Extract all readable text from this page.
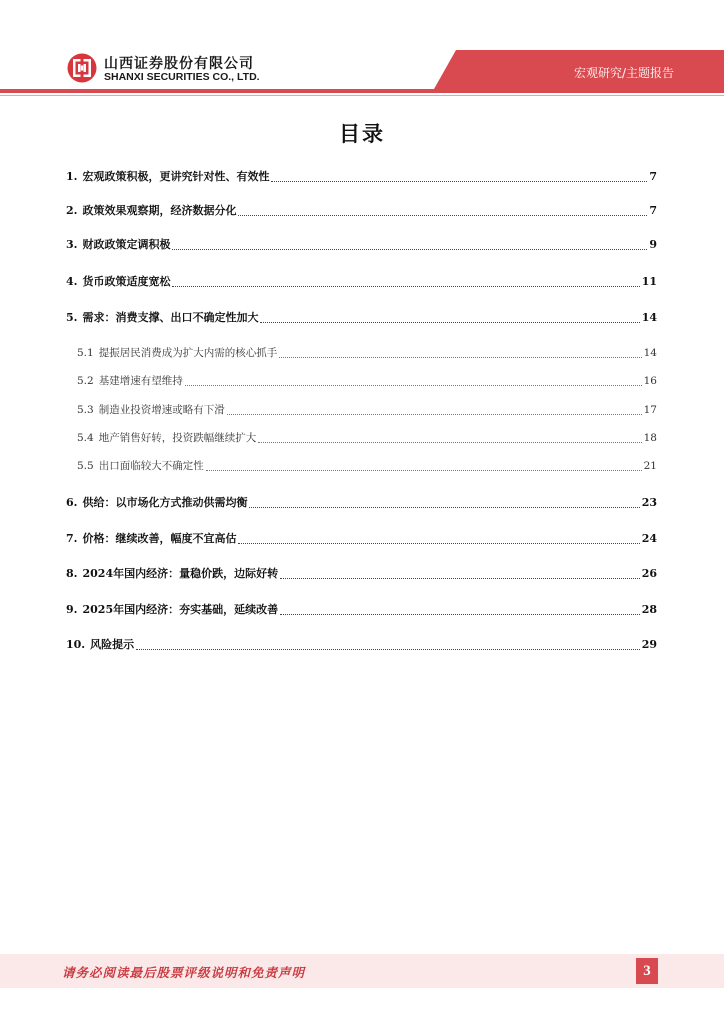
山西证券股份有限公司
SHANXI SECURITIES CO., LTD.	宏观研究/主题报告
目录
1. 宏观政策积极，更讲究针对性、有效性	7
2. 政策效果观察期，经济数据分化	7
3. 财政政策定调积极	9
4. 货币政策适度宽松	11
5. 需求：消费支撑、出口不确定性加大	14
5.1 提振居民消费成为扩大内需的核心抓手	14
5.2 基建增速有望维持	16
5.3 制造业投资增速或略有下滑	17
5.4 地产销售好转，投资跌幅继续扩大	18
5.5 出口面临较大不确定性	21
6. 供给：以市场化方式推动供需均衡	23
7. 价格：继续改善，幅度不宜高估	24
8. 2024年国内经济：量稳价跌，边际好转	26
9. 2025年国内经济：夯实基础，延续改善	28
10. 风险提示	29
请务必阅读最后股票评级说明和免责声明	3
